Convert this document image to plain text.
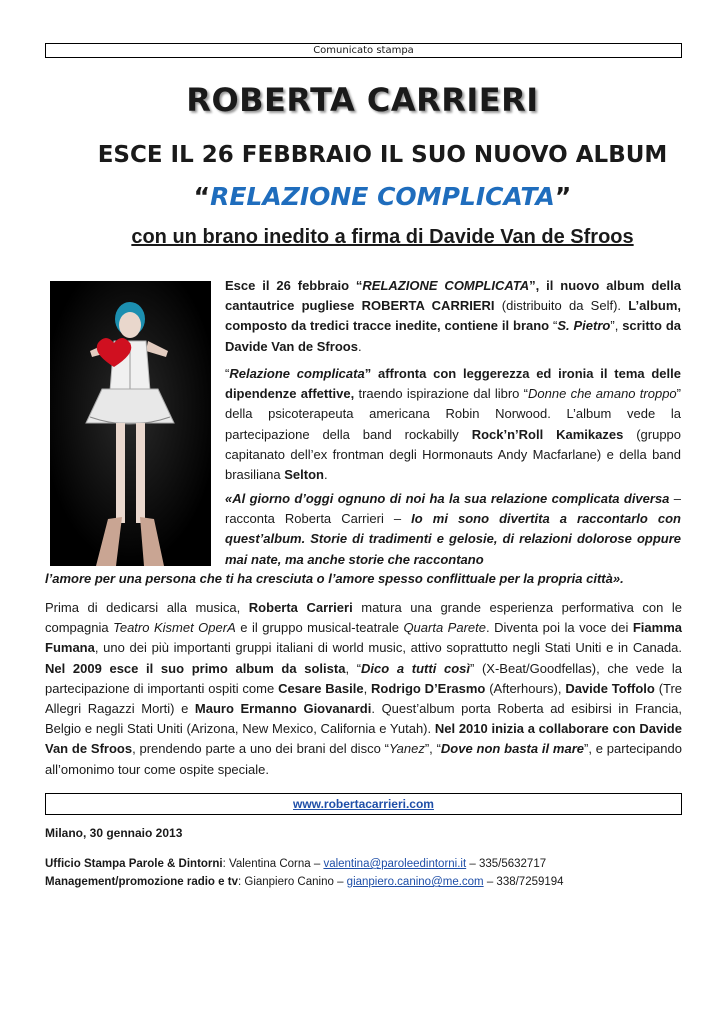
Comunicato stampa
ROBERTA CARRIERI
ESCE IL 26 FEBBRAIO IL SUO NUOVO ALBUM
“RELAZIONE COMPLICATA”
con un brano inedito a firma di Davide Van de Sfroos

Esce il 26 febbraio “RELAZIONE COMPLICATA”, il nuovo album della cantautrice pugliese ROBERTA CARRIERI (distribuito da Self). L’album, composto da tredici tracce inedite, contiene il brano “S. Pietro”, scritto da Davide Van de Sfroos.

“Relazione complicata” affronta con leggerezza ed ironia il tema delle dipendenze affettive, traendo ispirazione dal libro “Donne che amano troppo” della psicoterapeuta americana Robin Norwood. L’album vede la partecipazione della band rockabilly Rock’n’Roll Kamikazes (gruppo capitanato dell’ex frontman degli Hormonauts Andy Macfarlane) e della band brasiliana Selton.

«Al giorno d’oggi ognuno di noi ha la sua relazione complicata diversa – racconta Roberta Carrieri – Io mi sono divertita a raccontarlo con quest’album. Storie di tradimenti e gelosie, di relazioni dolorose oppure mai nate, ma anche storie che raccontano

l’amore per una persona che ti ha cresciuta o l’amore spesso conflittuale per la propria città».

Prima di dedicarsi alla musica, Roberta Carrieri matura una grande esperienza performativa con le compagnia Teatro Kismet OperA e il gruppo musical-teatrale Quarta Parete. Diventa poi la voce dei Fiamma Fumana, uno dei più importanti gruppi italiani di world music, attivo soprattutto negli Stati Uniti e in Canada. Nel 2009 esce il suo primo album da solista, “Dico a tutti così” (X-Beat/Goodfellas), che vede la partecipazione di importanti ospiti come Cesare Basile, Rodrigo D’Erasmo (Afterhours), Davide Toffolo (Tre Allegri Ragazzi Morti) e Mauro Ermanno Giovanardi. Quest’album porta Roberta ad esibirsi in Francia, Belgio e negli Stati Uniti (Arizona, New Mexico, California e Yutah). Nel 2010 inizia a collaborare con Davide Van de Sfroos, prendendo parte a uno dei brani del disco “Yanez”, “Dove non basta il mare”, e partecipando all’omonimo tour come ospite speciale.

www.robertacarrieri.com
Milano, 30 gennaio 2013
Ufficio Stampa Parole & Dintorni: Valentina Corna – valentina@paroleedintorni.it – 335/5632717
Management/promozione radio e tv: Gianpiero Canino – gianpiero.canino@me.com – 338/7259194
